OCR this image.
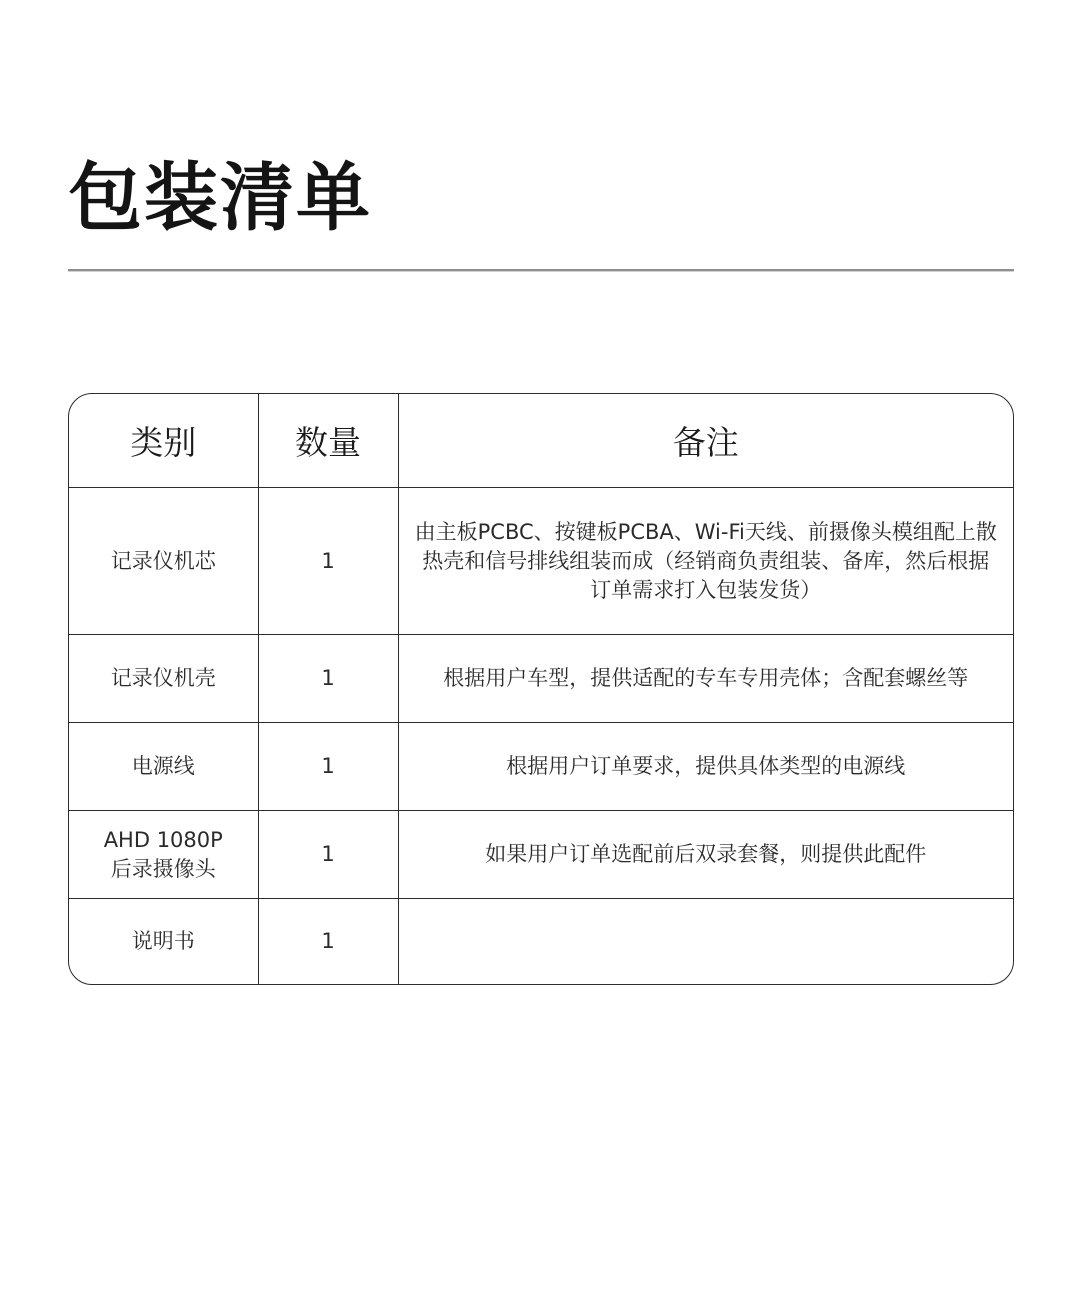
包装清单
类别	数量	备注

记录仪机芯	1	由主板PCBC、按键板PCBA、Wi-Fi天线、前摄像头模组配上散热壳和信号排线组装而成（经销商负责组装、备库，然后根据订单需求打入包装发货）

记录仪机壳	1	根据用户车型，提供适配的专车专用壳体；含配套螺丝等

电源线	1	根据用户订单要求，提供具体类型的电源线

AHD 1080P
后录摄像头	1	如果用户订单选配前后双录套餐，则提供此配件

说明书	1	
